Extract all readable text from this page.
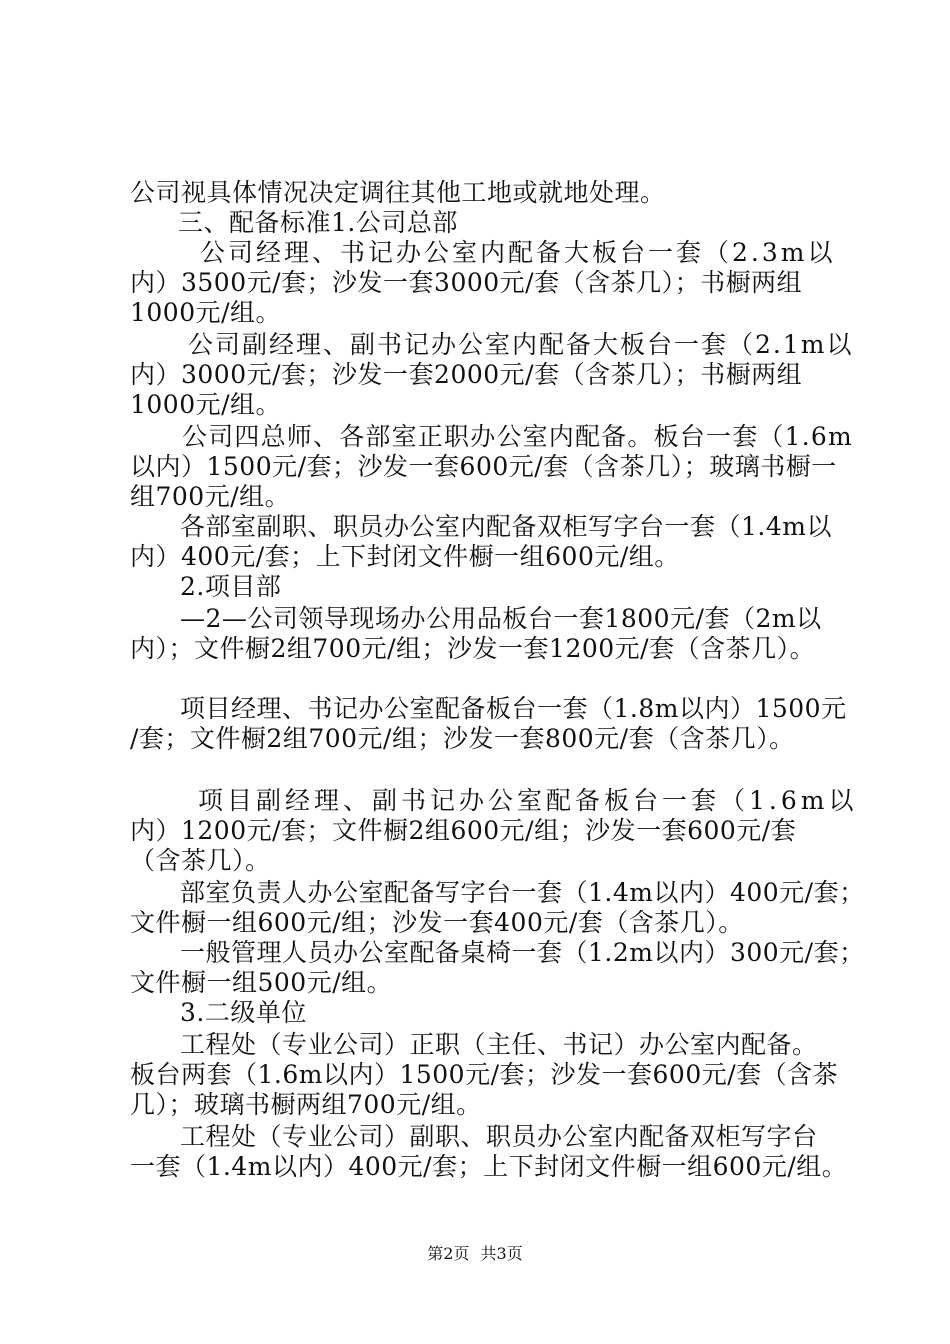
公司视具体情况决定调往其他工地或就地处理。
三、配备标准1.公司总部
公司经理、书记办公室内配备大板台一套（2.3m以
内）3500元/套；沙发一套3000元/套（含茶几）；书橱两组
1000元/组。
公司副经理、副书记办公室内配备大板台一套（2.1m以
内）3000元/套；沙发一套2000元/套（含茶几）；书橱两组
1000元/组。
公司四总师、各部室正职办公室内配备。板台一套（1.6m
以内）1500元/套；沙发一套600元/套（含茶几）；玻璃书橱一
组700元/组。
各部室副职、职员办公室内配备双柜写字台一套（1.4m以
内）400元/套；上下封闭文件橱一组600元/组。
2.项目部
—2—公司领导现场办公用品板台一套1800元/套（2m以
内）；文件橱2组700元/组；沙发一套1200元/套（含茶几）。
项目经理、书记办公室配备板台一套（1.8m以内）1500元
/套；文件橱2组700元/组；沙发一套800元/套（含茶几）。
项目副经理、副书记办公室配备板台一套（1.6m以
内）1200元/套；文件橱2组600元/组；沙发一套600元/套
（含茶几）。
部室负责人办公室配备写字台一套（1.4m以内）400元/套；
文件橱一组600元/组；沙发一套400元/套（含茶几）。
一般管理人员办公室配备桌椅一套（1.2m以内）300元/套；
文件橱一组500元/组。
3.二级单位
工程处（专业公司）正职（主任、书记）办公室内配备。
板台两套（1.6m以内）1500元/套；沙发一套600元/套（含茶
几）；玻璃书橱两组700元/组。
工程处（专业公司）副职、职员办公室内配备双柜写字台
一套（1.4m以内）400元/套；上下封闭文件橱一组600元/组。
第2页 共3页
